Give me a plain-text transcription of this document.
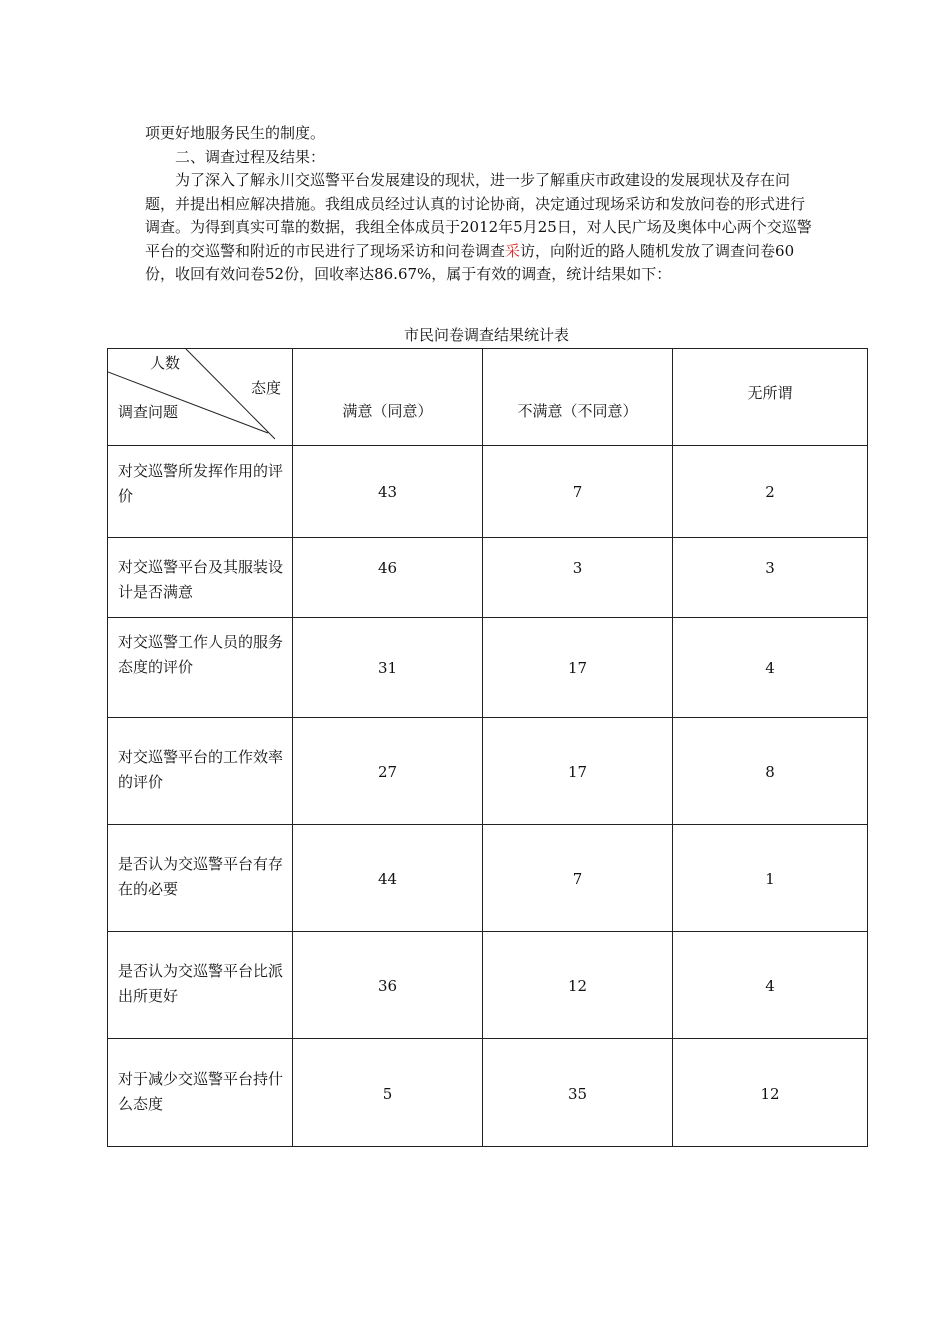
项更好地服务民生的制度。

二、调查过程及结果：

为了深入了解永川交巡警平台发展建设的现状，进一步了解重庆市政建设的发展现状及存在问题，并提出相应解决措施。我组成员经过认真的讨论协商，决定通过现场采访和发放问卷的形式进行调查。为得到真实可靠的数据，我组全体成员于2012年5月25日，对人民广场及奥体中心两个交巡警平台的交巡警和附近的市民进行了现场采访和问卷调查采访，向附近的路人随机发放了调查问卷60份，收回有效问卷52份，回收率达86.67%，属于有效的调查，统计结果如下：

市民问卷调查结果统计表
人数
态度
调查问题	满意（同意）	不满意（不同意）	无所谓
对交巡警所发挥作用的评价	43	7	2
对交巡警平台及其服装设计是否满意	46	3	3
对交巡警工作人员的服务态度的评价	31	17	4
对交巡警平台的工作效率的评价	27	17	8
是否认为交巡警平台有存在的必要	44	7	1
是否认为交巡警平台比派出所更好	36	12	4
对于减少交巡警平台持什么态度	5	35	12
